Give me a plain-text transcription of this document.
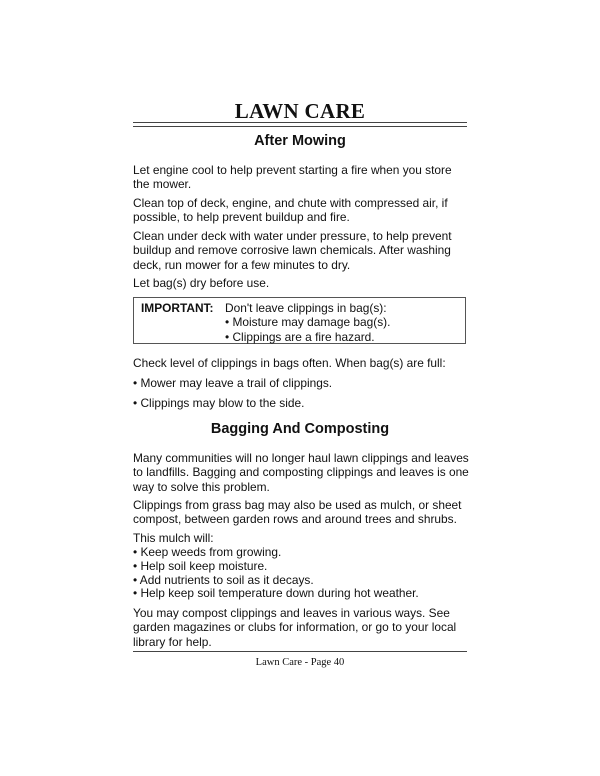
LAWN CARE
After Mowing

Let engine cool to help prevent starting a fire when you store the mower.

Clean top of deck, engine, and chute with compressed air, if possible, to help prevent buildup and fire.

Clean under deck with water under pressure, to help prevent buildup and remove corrosive lawn chemicals. After washing deck, run mower for a few minutes to dry.

Let bag(s) dry before use.

IMPORTANT: Don't leave clippings in bag(s):
• Moisture may damage bag(s).
• Clippings are a fire hazard.

Check level of clippings in bags often. When bag(s) are full:

• Mower may leave a trail of clippings.
• Clippings may blow to the side.
Bagging And Composting

Many communities will no longer haul lawn clippings and leaves to landfills. Bagging and composting clippings and leaves is one way to solve this problem.

Clippings from grass bag may also be used as mulch, or sheet compost, between garden rows and around trees and shrubs.

This mulch will:

• Keep weeds from growing.
• Help soil keep moisture.
• Add nutrients to soil as it decays.
• Help keep soil temperature down during hot weather.

You may compost clippings and leaves in various ways. See garden magazines or clubs for information, or go to your local library for help.

Lawn Care - Page 40
